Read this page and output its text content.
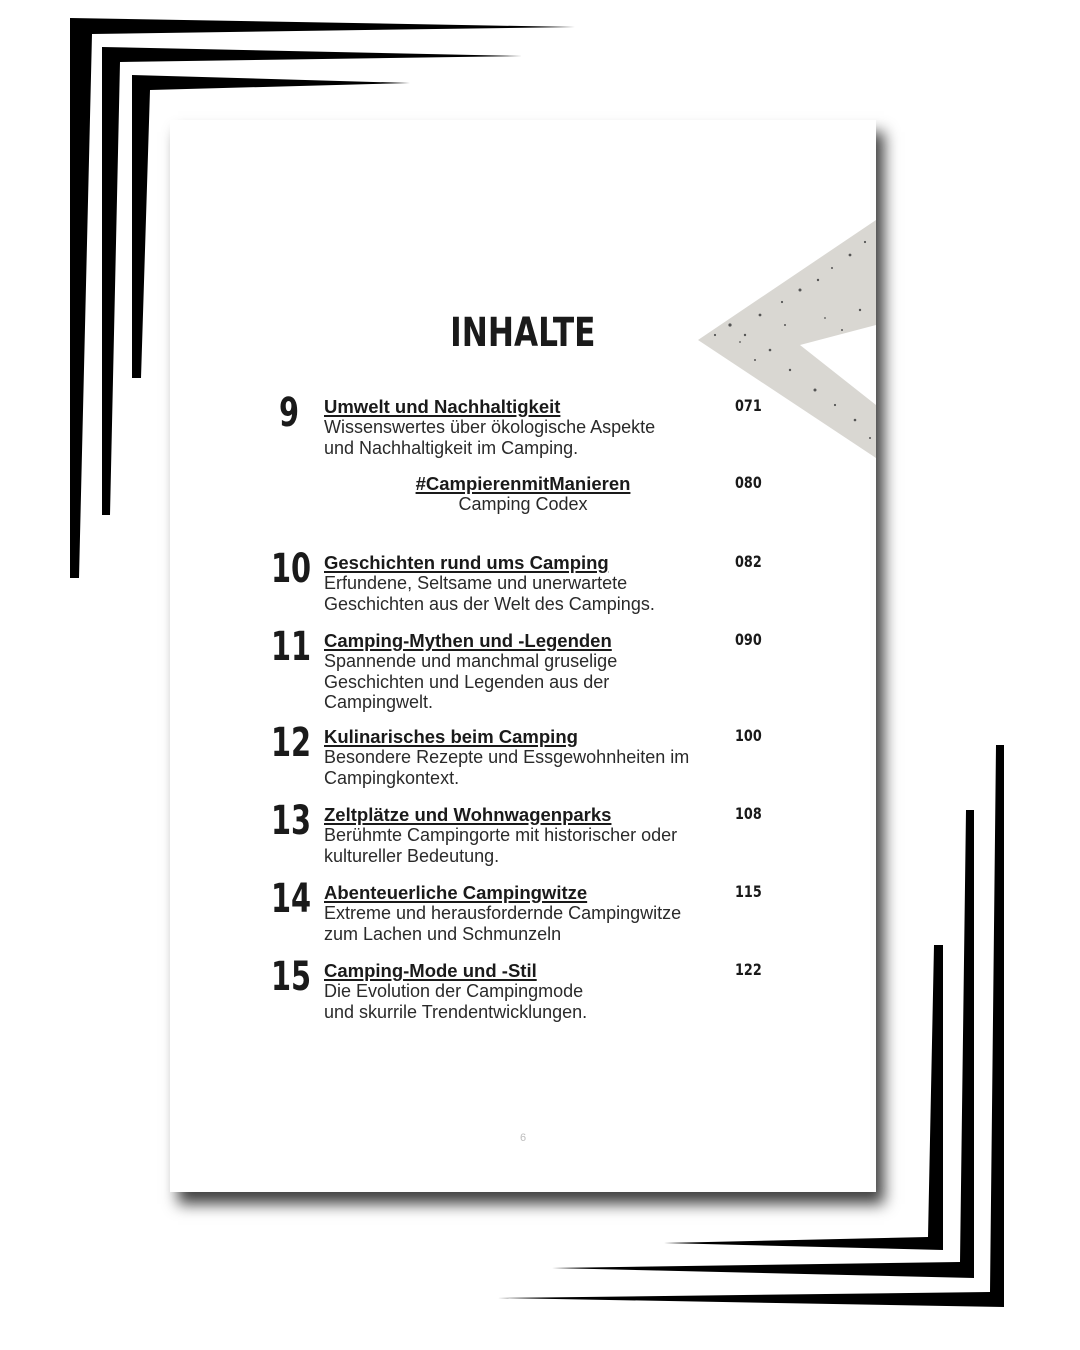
INHALTE
9	Umwelt und Nachhaltigkeit
Wissenswertes über ökologische Aspekte
und Nachhaltigkeit im Camping.
071
#CampierenmitManieren
Camping Codex
080
10 Geschichten rund ums Camping
Erfundene, Seltsame und unerwartete
Geschichten aus der Welt des Campings.
082
11 Camping-Mythen und -Legenden
Spannende und manchmal gruselige
Geschichten und Legenden aus der
Campingwelt.
090
12 Kulinarisches beim Camping
Besondere Rezepte und Essgewohnheiten im
Campingkontext.
100
13 Zeltplätze und Wohnwagenparks
Berühmte Campingorte mit historischer oder
kultureller Bedeutung.
108
14 Abenteuerliche Campingwitze
Extreme und herausfordernde Campingwitze
zum Lachen und Schmunzeln
115
15 Camping-Mode und -Stil
Die Evolution der Campingmode
und skurrile Trendentwicklungen.
122
6
